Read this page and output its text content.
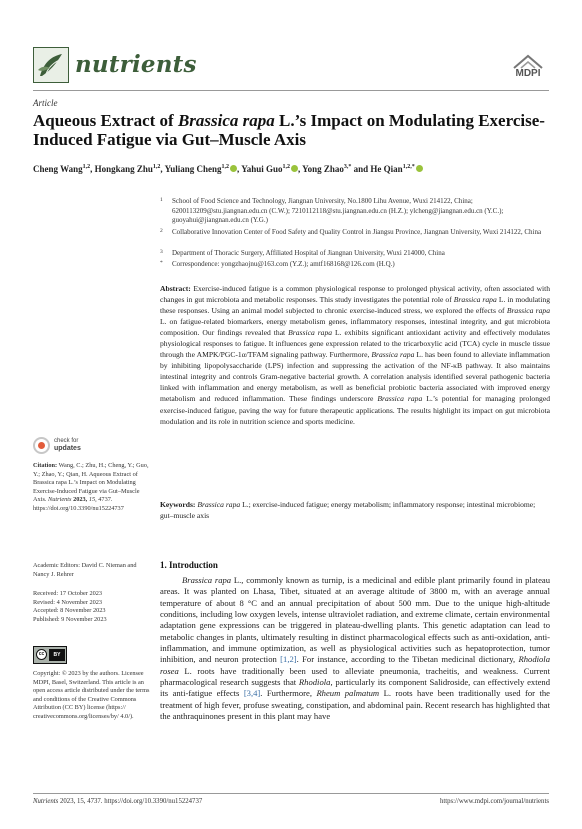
nutrients	MDPI
Article
Aqueous Extract of Brassica rapa L.’s Impact on Modulating Exercise-Induced Fatigue via Gut–Muscle Axis
Cheng Wang$^{1,2}$, Hongkang Zhu$^{1,2}$, Yuliang Cheng$^{1,2}$ , Yahui Guo$^{1,2}$ , Yong Zhao$^{3,*}$ and He Qian$^{1,2,*}$
1 School of Food Science and Technology, Jiangnan University, No.1800 Lihu Avenue, Wuxi 214122, China; 6200113209@stu.jiangnan.edu.cn (C.W.); 7210112118@stu.jiangnan.edu.cn (H.Z.); ylcheng@jiangnan.edu.cn (Y.C.); guoyahui@jiangnan.edu.cn (Y.G.)
2 Collaborative Innovation Center of Food Safety and Quality Control in Jiangsu Province, Jiangnan University, Wuxi 214122, China
3 Department of Thoracic Surgery, Affiliated Hospital of Jiangnan University, Wuxi 214000, China
* Correspondence: yongzhaojnu@163.com (Y.Z.); amtf168168@126.com (H.Q.)
Abstract: Exercise-induced fatigue is a common physiological response to prolonged physical activity, often associated with changes in gut microbiota and metabolic responses. This study investigates the potential role of Brassica rapa L. in modulating these responses. Using an animal model subjected to chronic exercise-induced stress, we explored the effects of Brassica rapa L. on fatigue-related biomarkers, energy metabolism genes, inflammatory responses, intestinal integrity, and gut microbiota composition. Our findings revealed that Brassica rapa L. exhibits significant antioxidant activity and effectively modulates physiological responses to fatigue. It influences gene expression related to the tricarboxylic acid (TCA) cycle in muscle tissue through the AMPK/PGC-1α/TFAM signaling pathway. Furthermore, Brassica rapa L. has been found to alleviate inflammation by inhibiting lipopolysaccharide (LPS) infection and suppressing the activation of the NF-κB pathway. It also maintains intestinal integrity and controls Gram-negative bacterial growth. A correlation analysis identified several pathogenic bacteria linked with inflammation and energy metabolism, as well as beneficial probiotic bacteria associated with improved energy metabolism and reduced inflammation. These findings underscore Brassica rapa L.’s potential for managing prolonged exercise-induced fatigue, paving the way for future therapeutic applications. The results highlight its impact on gut microbiota modulation and its role in nutrition science and sports medicine.
Keywords: Brassica rapa L.; exercise-induced fatigue; energy metabolism; inflammatory response; intestinal microbiome; gut–muscle axis
check for
updates
Citation: Wang, C.; Zhu, H.; Cheng, Y.; Guo, Y.; Zhao, Y.; Qian, H. Aqueous Extract of Brassica rapa L.’s Impact on Modulating Exercise-Induced Fatigue via Gut–Muscle Axis. Nutrients 2023, 15, 4737. https://doi.org/10.3390/nu15224737
Academic Editors: David C. Nieman and Nancy J. Rehrer
Received: 17 October 2023
Revised: 4 November 2023
Accepted: 8 November 2023
Published: 9 November 2023
cc	BY
Copyright: © 2023 by the authors. Licensee MDPI, Basel, Switzerland. This article is an open access article distributed under the terms and conditions of the Creative Commons Attribution (CC BY) license (https:// creativecommons.org/licenses/by/ 4.0/).
1. Introduction
Brassica rapa L., commonly known as turnip, is a medicinal and edible plant primarily found in plateau areas. It was planted on Lhasa, Tibet, situated at an average altitude of 3800 m, with an average annual temperature of about 8 °C and an annual precipitation of about 500 mm. Due to the unique high-altitude conditions, including low oxygen levels, intense ultraviolet radiation, and extreme climate, certain environmental adaptation gene expressions can be triggered in plateau-dwelling plants. This genetic adaptation can lead to metabolic changes in plants, ultimately resulting in distinct pharmacological effects such as anti-oxidation, anti-inflammation, and immune optimization, as well as physiological activities such as hepatoprotection, tumor inhibition, and neuron protection [1,2]. For instance, according to the Tibetan medicinal dictionary, Rhodiola rosea L. roots have traditionally been used to alleviate pneumonia, tracheitis, and weakness. Current pharmacological research suggests that Rhodiola, particularly its component Salidroside, can effectively extend its anti-fatigue effects [3,4]. Furthermore, Rheum palmatum L. roots have been traditionally used for the treatment of high fever, profuse sweating, constipation, and abdominal pain. Recent research has highlighted that the anthraquinones present in this plant may have
Nutrients 2023, 15, 4737. https://doi.org/10.3390/nu15224737	https://www.mdpi.com/journal/nutrients
